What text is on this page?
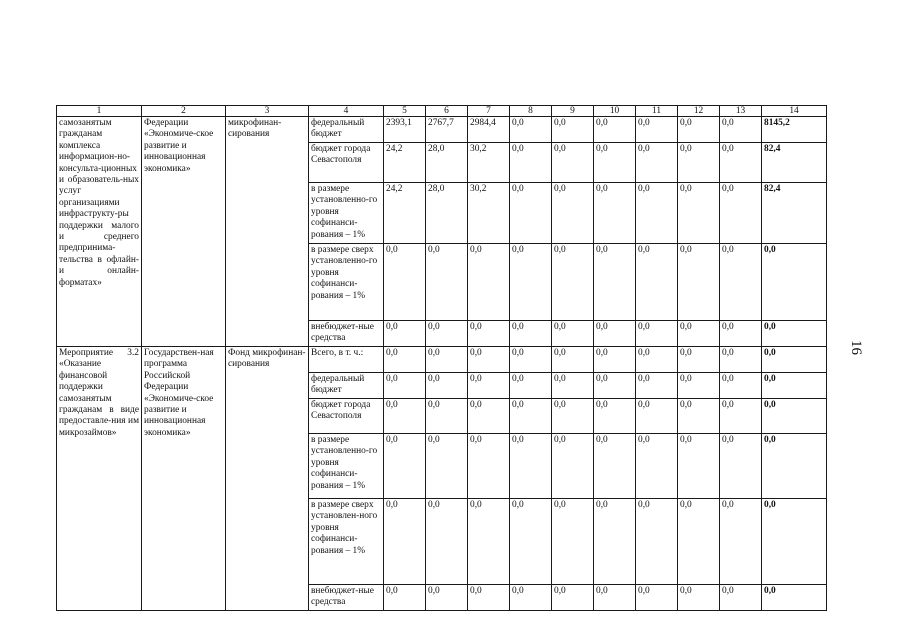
1	2	3	4	5	6	7	8	9	10	11	12	13	14
самозанятым гражданам комплекса информацион-но-консульта-ционных и образователь-ных услуг организациями инфраструкту-ры поддержки малого и среднего предпринима-тельства в офлайн- и онлайн-форматах»	Федерации «Экономиче-ское развитие и инновационная экономика»	микрофинан-сирования	федеральный бюджет	2393,1	2767,7	2984,4	0,0	0,0	0,0	0,0	0,0	0,0	8145,2
			бюджет города Севастополя	24,2	28,0	30,2	0,0	0,0	0,0	0,0	0,0	0,0	82,4
			в размере установленно-го уровня софинанси-рования – 1%	24,2	28,0	30,2	0,0	0,0	0,0	0,0	0,0	0,0	82,4
			в размере сверх установленно-го уровня софинанси-рования – 1%	0,0	0,0	0,0	0,0	0,0	0,0	0,0	0,0	0,0	0,0
			внебюджет-ные средства	0,0	0,0	0,0	0,0	0,0	0,0	0,0	0,0	0,0	0,0
Мероприятие 3.2 «Оказание финансовой поддержки самозанятым гражданам в виде предоставле-ния им микрозаймов»	Государствен-ная программа Российской Федерации «Экономиче-ское развитие и инновационная экономика»	Фонд микрофинан-сирования	Всего, в т. ч.:	0,0	0,0	0,0	0,0	0,0	0,0	0,0	0,0	0,0	0,0
			федеральный бюджет	0,0	0,0	0,0	0,0	0,0	0,0	0,0	0,0	0,0	0,0
			бюджет города Севастополя	0,0	0,0	0,0	0,0	0,0	0,0	0,0	0,0	0,0	0,0
			в размере установленно-го уровня софинанси-рования – 1%	0,0	0,0	0,0	0,0	0,0	0,0	0,0	0,0	0,0	0,0
			в размере сверх установлен-ного уровня софинанси-рования – 1%	0,0	0,0	0,0	0,0	0,0	0,0	0,0	0,0	0,0	0,0
			внебюджет-ные средства	0,0	0,0	0,0	0,0	0,0	0,0	0,0	0,0	0,0	0,0
16
